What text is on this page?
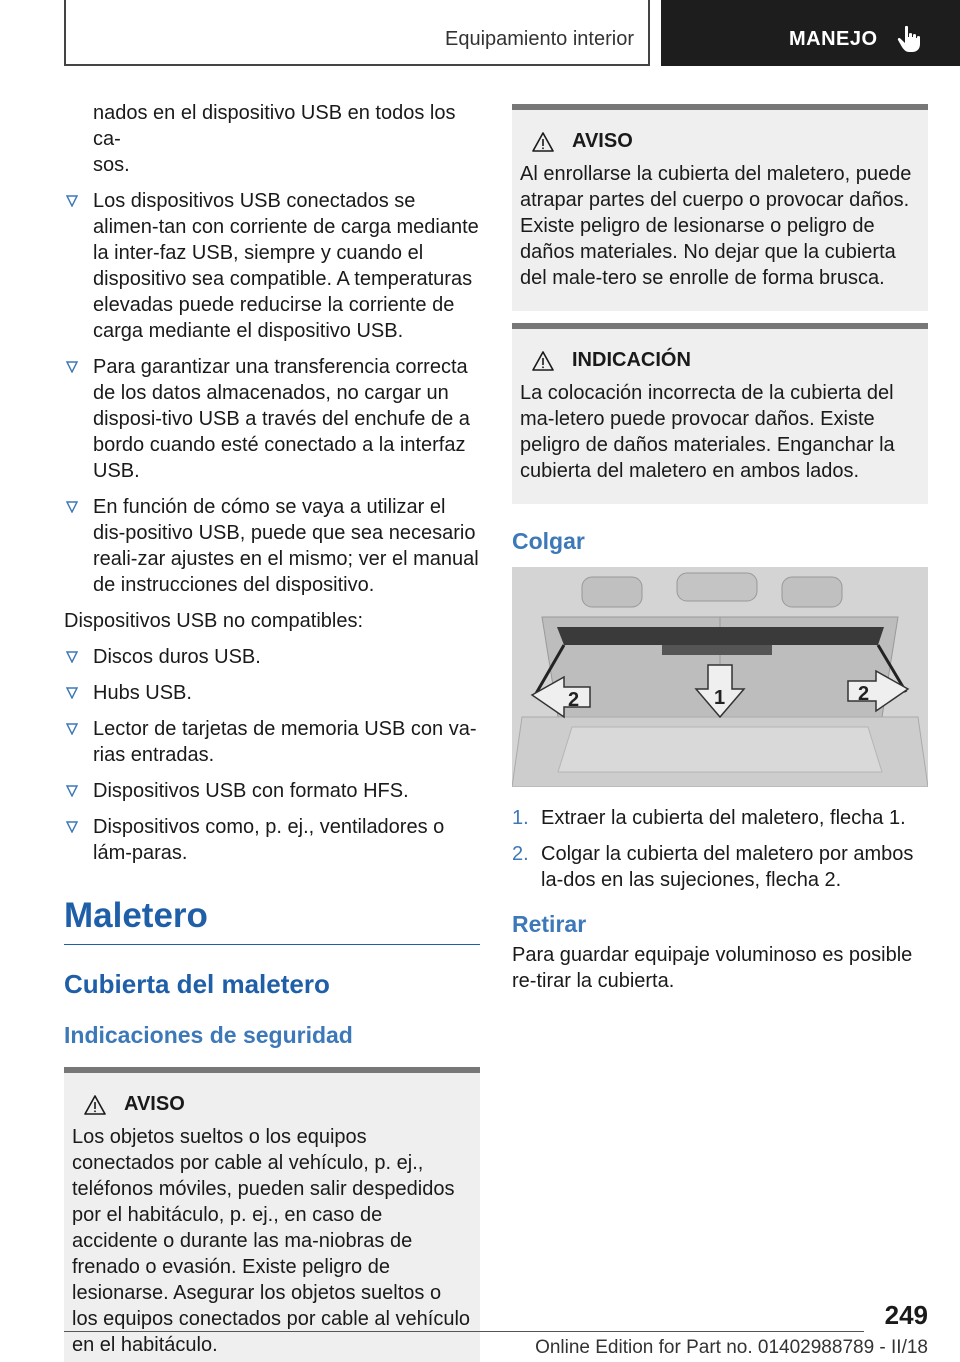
Equipamiento interior	MANEJO
nados en el dispositivo USB en todos los ca-
sos.
Los dispositivos USB conectados se alimen-tan con corriente de carga mediante la inter-faz USB, siempre y cuando el dispositivo sea compatible. A temperaturas elevadas puede reducirse la corriente de carga mediante el dispositivo USB.
Para garantizar una transferencia correcta de los datos almacenados, no cargar un disposi-tivo USB a través del enchufe de a bordo cuando esté conectado a la interfaz USB.
En función de cómo se vaya a utilizar el dis-positivo USB, puede que sea necesario reali-zar ajustes en el mismo; ver el manual de instrucciones del dispositivo.
Dispositivos USB no compatibles:
Discos duros USB.
Hubs USB.
Lector de tarjetas de memoria USB con va-rias entradas.
Dispositivos USB con formato HFS.
Dispositivos como, p. ej., ventiladores o lám-paras.
Maletero
Cubierta del maletero
Indicaciones de seguridad
AVISO
Los objetos sueltos o los equipos conectados por cable al vehículo, p. ej., teléfonos móviles, pueden salir despedidos por el habitáculo, p. ej., en caso de accidente o durante las ma-niobras de frenado o evasión. Existe peligro de lesionarse. Asegurar los objetos sueltos o los equipos conectados por cable al vehículo en el habitáculo.
AVISO
Al enrollarse la cubierta del maletero, puede atrapar partes del cuerpo o provocar daños. Existe peligro de lesionarse o peligro de daños materiales. No dejar que la cubierta del male-tero se enrolle de forma brusca.
INDICACIÓN
La colocación incorrecta de la cubierta del ma-letero puede provocar daños. Existe peligro de daños materiales. Enganchar la cubierta del maletero en ambos lados.
Colgar
2	1	2
1. Extraer la cubierta del maletero, flecha 1.
2. Colgar la cubierta del maletero por ambos la-dos en las sujeciones, flecha 2.
Retirar
Para guardar equipaje voluminoso es posible re-tirar la cubierta.
249
Online Edition for Part no. 01402988789 - II/18
